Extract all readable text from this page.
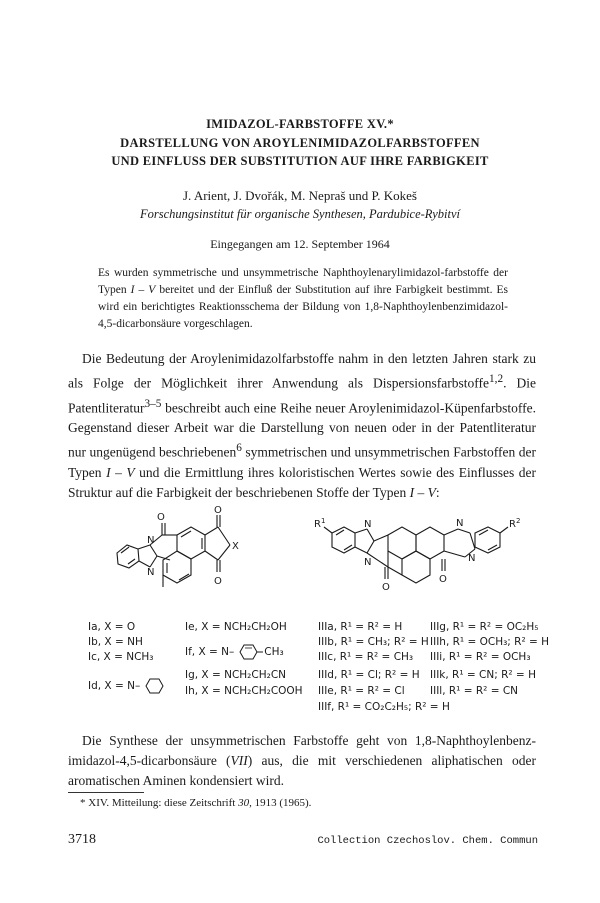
IMIDAZOL-FARBSTOFFE XV.*

DARSTELLUNG VON AROYLENIMIDAZOLFARBSTOFFEN

UND EINFLUSS DER SUBSTITUTION AUF IHRE FARBIGKEIT

J. Arient, J. Dvořák, M. Nepraš und P. Kokeš

Forschungsinstitut für organische Synthesen, Pardubice-Rybitví

Eingegangen am 12. September 1964

Es wurden symmetrische und unsymmetrische Naphthoylenarylimidazol-farbstoffe der Typen I – V bereitet und der Einfluß der Substitution auf ihre Farbigkeit bestimmt. Es wird ein berichtigtes Reaktionsschema der Bildung von 1,8-Naphthoylenbenzimidazol-4,5-dicarbonsäure vorgeschlagen.

Die Bedeutung der Aroylenimidazolfarbstoffe nahm in den letzten Jahren stark zu als Folge der Möglichkeit ihrer Anwendung als Dispersionsfarbstoffe$^{1,2}$. Die Patentliteratur$^{3-5}$ beschreibt auch eine Reihe neuer Aroylenimidazol-Küpenfarbstoffe. Gegenstand dieser Arbeit war die Darstellung von neuen oder in der Patentliteratur nur ungenügend beschriebenen$^6$ symmetrischen und unsymmetrischen Farbstoffen der Typen I – V und die Ermittlung ihres koloristischen Wertes sowie des Einflusses der Struktur auf die Farbigkeit der beschriebenen Stoffe der Typen I – V:

O
O
O
X
N
N
$R^1$	$R^2$
O
O
N
N
N
N
Ia, X = O
Ib, X = NH
Ic, X = NCH₃
Id, X = N–
Ie, X = NCH₂CH₂OH
If, X = N–	CH₃
Ig, X = NCH₂CH₂CN
Ih, X = NCH₂CH₂COOH
IIIa, R¹ = R² = H
IIIb, R¹ = CH₃; R² = H
IIIc, R¹ = R² = CH₃
IIId, R¹ = Cl; R² = H
IIIe, R¹ = R² = Cl
IIIf, R¹ = CO₂C₂H₅; R² = H
IIIg, R¹ = R² = OC₂H₅
IIIh, R¹ = OCH₃; R² = H
IIIi, R¹ = R² = OCH₃
IIIk, R¹ = CN; R² = H
IIIl, R¹ = R² = CN

Die Synthese der unsymmetrischen Farbstoffe geht von 1,8-Naphthoylenbenz-imidazol-4,5-dicarbonsäure (VII) aus, die mit verschiedenen aliphatischen oder aromatischen Aminen kondensiert wird.

* XIV. Mitteilung: diese Zeitschrift 30, 1913 (1965).

3718	Collection Czechoslov. Chem. Commun
